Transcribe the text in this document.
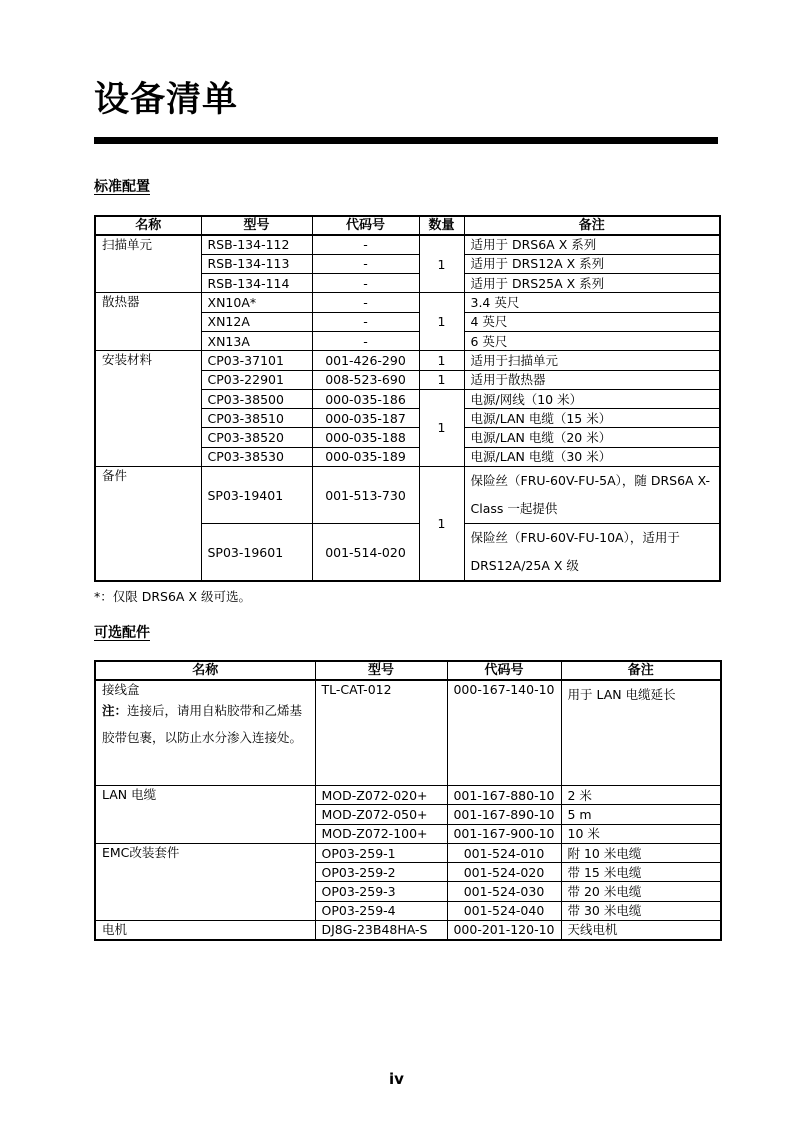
设备清单
标准配置
名称	型号	代码号	数量	备注
扫描单元	RSB-134-112	-	1	适用于 DRS6A X 系列
	RSB-134-113	-		适用于 DRS12A X 系列
	RSB-134-114	-		适用于 DRS25A X 系列
散热器	XN10A*	-	1	3.4 英尺
	XN12A	-		4 英尺
	XN13A	-		6 英尺
安装材料	CP03-37101	001-426-290	1	适用于扫描单元
	CP03-22901	008-523-690	1	适用于散热器
	CP03-38500	000-035-186	1	电源/网线（10 米）
	CP03-38510	000-035-187		电源/LAN 电缆（15 米）
	CP03-38520	000-035-188		电源/LAN 电缆（20 米）
	CP03-38530	000-035-189		电源/LAN 电缆（30 米）
备件	SP03-19401	001-513-730	1	保险丝（FRU-60V-FU-5A），随 DRS6A X-Class 一起提供
	SP03-19601	001-514-020		保险丝（FRU-60V-FU-10A），适用于 DRS12A/25A X 级
*：仅限 DRS6A X 级可选。
可选配件
名称	型号	代码号	备注

接线盒
注：连接后，请用自粘胶带和乙烯基胶带包裹，以防止水分渗入连接处。	TL-CAT-012	000-167-140-10	用于 LAN 电缆延长
LAN 电缆	MOD-Z072-020+	001-167-880-10	2 米
	MOD-Z072-050+	001-167-890-10	5 m
	MOD-Z072-100+	001-167-900-10	10 米
EMC改装套件	OP03-259-1	001-524-010	附 10 米电缆
	OP03-259-2	001-524-020	带 15 米电缆
	OP03-259-3	001-524-030	带 20 米电缆
	OP03-259-4	001-524-040	带 30 米电缆
电机	DJ8G-23B48HA-S	000-201-120-10	天线电机
iv
